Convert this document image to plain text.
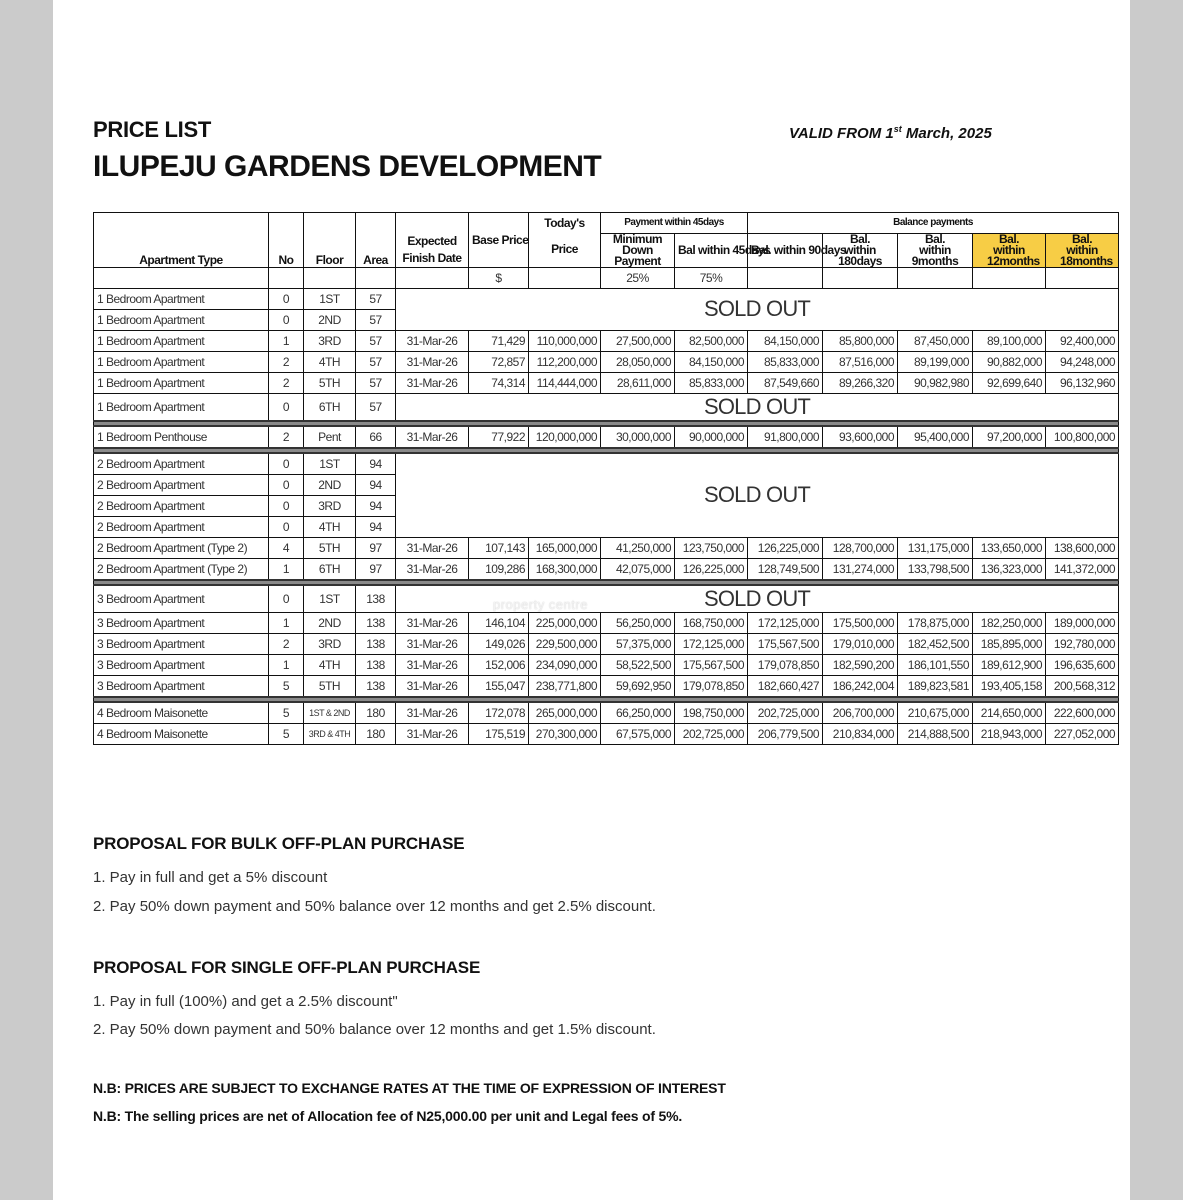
PRICE LIST
ILUPEJU GARDENS DEVELOPMENT
VALID FROM 1st March, 2025
Apartment Type	No	Floor	Area	Expected Finish Date	Base Price	Today's	Payment within 45days		Balance payments				
						Price	Minimum Down Payment	Bal within 45days	Bal. within 90days	Bal. within 180days	Bal. within 9months	Bal. within 12months	Bal. within 18months
					$		25%	75%					
1 Bedroom Apartment	0	1ST	57	SOLD OUT									
1 Bedroom Apartment	0	2ND	57										
1 Bedroom Apartment	1	3RD	57	31-Mar-26	71,429	110,000,000	27,500,000	82,500,000	84,150,000	85,800,000	87,450,000	89,100,000	92,400,000
1 Bedroom Apartment	2	4TH	57	31-Mar-26	72,857	112,200,000	28,050,000	84,150,000	85,833,000	87,516,000	89,199,000	90,882,000	94,248,000
1 Bedroom Apartment	2	5TH	57	31-Mar-26	74,314	114,444,000	28,611,000	85,833,000	87,549,660	89,266,320	90,982,980	92,699,640	96,132,960
1 Bedroom Apartment	0	6TH	57	SOLD OUT									

1 Bedroom Penthouse	2	Pent	66	31-Mar-26	77,922	120,000,000	30,000,000	90,000,000	91,800,000	93,600,000	95,400,000	97,200,000	100,800,000

2 Bedroom Apartment	0	1ST	94	SOLD OUT									
2 Bedroom Apartment	0	2ND	94										
2 Bedroom Apartment	0	3RD	94										
2 Bedroom Apartment	0	4TH	94										
2 Bedroom Apartment (Type 2)	4	5TH	97	31-Mar-26	107,143	165,000,000	41,250,000	123,750,000	126,225,000	128,700,000	131,175,000	133,650,000	138,600,000
2 Bedroom Apartment (Type 2)	1	6TH	97	31-Mar-26	109,286	168,300,000	42,075,000	126,225,000	128,749,500	131,274,000	133,798,500	136,323,000	141,372,000

3 Bedroom Apartment	0	1ST	138	SOLD OUT									
3 Bedroom Apartment	1	2ND	138	31-Mar-26	146,104	225,000,000	56,250,000	168,750,000	172,125,000	175,500,000	178,875,000	182,250,000	189,000,000
3 Bedroom Apartment	2	3RD	138	31-Mar-26	149,026	229,500,000	57,375,000	172,125,000	175,567,500	179,010,000	182,452,500	185,895,000	192,780,000
3 Bedroom Apartment	1	4TH	138	31-Mar-26	152,006	234,090,000	58,522,500	175,567,500	179,078,850	182,590,200	186,101,550	189,612,900	196,635,600
3 Bedroom Apartment	5	5TH	138	31-Mar-26	155,047	238,771,800	59,692,950	179,078,850	182,660,427	186,242,004	189,823,581	193,405,158	200,568,312

4 Bedroom Maisonette	5	1ST & 2ND	180	31-Mar-26	172,078	265,000,000	66,250,000	198,750,000	202,725,000	206,700,000	210,675,000	214,650,000	222,600,000
4 Bedroom Maisonette	5	3RD & 4TH	180	31-Mar-26	175,519	270,300,000	67,575,000	202,725,000	206,779,500	210,834,000	214,888,500	218,943,000	227,052,000
property centre
PROPOSAL FOR BULK OFF-PLAN PURCHASE
1. Pay in full and get a 5% discount
2. Pay 50% down payment and 50% balance over 12 months and get 2.5% discount.
PROPOSAL FOR SINGLE OFF-PLAN PURCHASE
1. Pay in full (100%) and get a 2.5% discount"
2. Pay 50% down payment and 50% balance over 12 months and get 1.5% discount.
N.B: PRICES ARE SUBJECT TO EXCHANGE RATES AT THE TIME OF EXPRESSION OF INTEREST
N.B: The selling prices are net of Allocation fee of N25,000.00 per unit and Legal fees of 5%.
